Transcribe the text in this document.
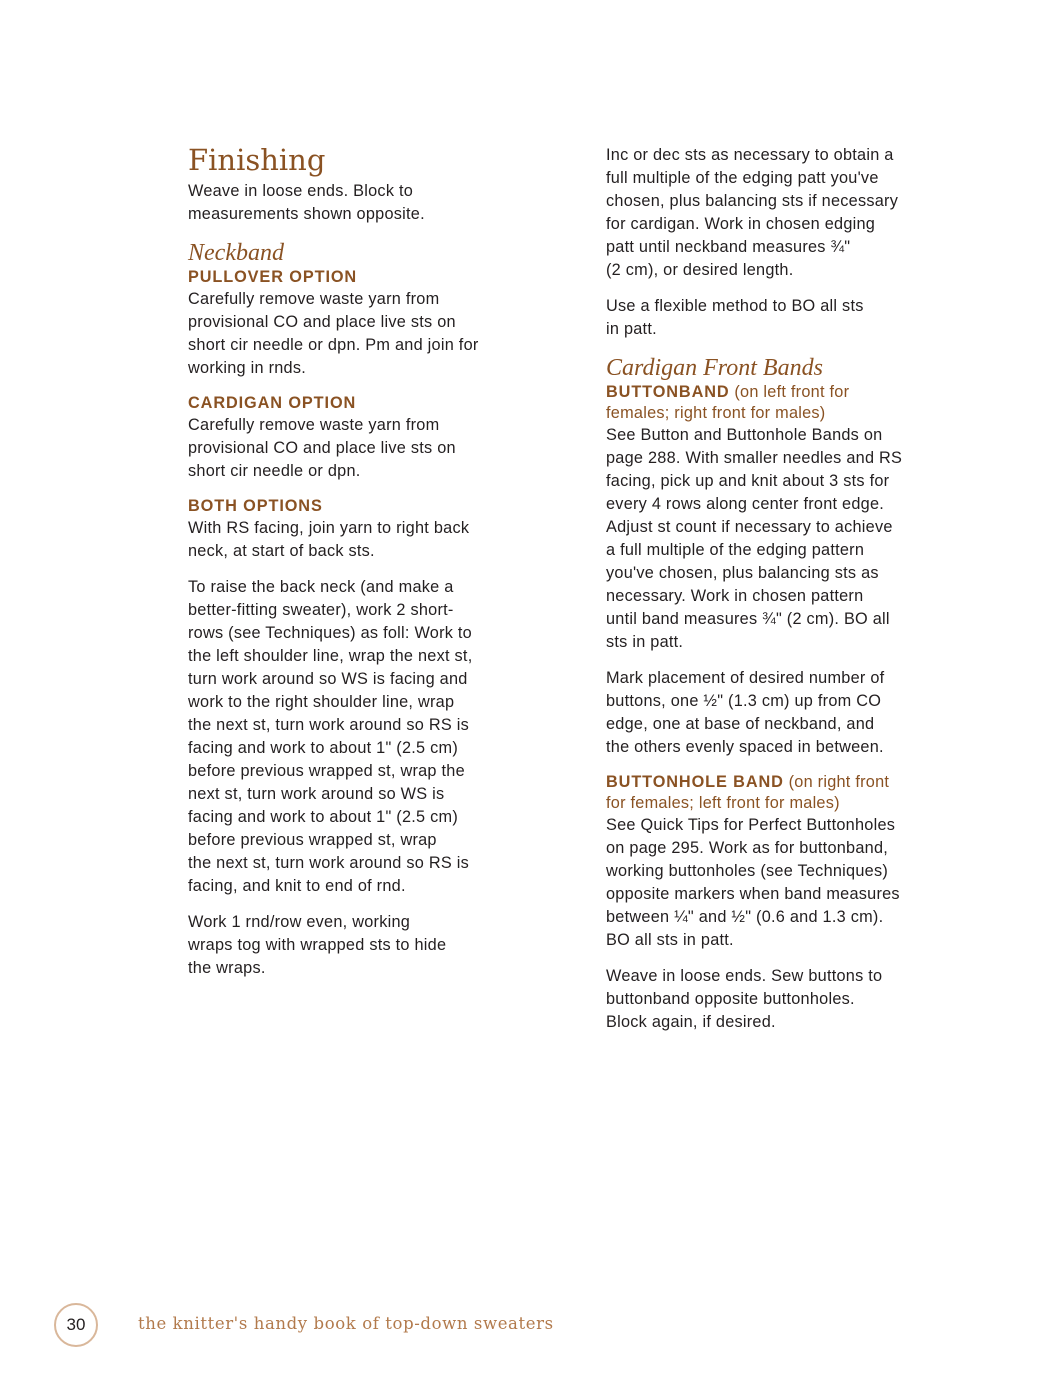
Finishing

Weave in loose ends. Block to
measurements shown opposite.

Neckband
PULLOVER OPTION

Carefully remove waste yarn from
provisional CO and place live sts on
short cir needle or dpn. Pm and join for
working in rnds.

CARDIGAN OPTION

Carefully remove waste yarn from
provisional CO and place live sts on
short cir needle or dpn.

BOTH OPTIONS

With RS facing, join yarn to right back
neck, at start of back sts.

To raise the back neck (and make a
better-fitting sweater), work 2 short-
rows (see Techniques) as foll: Work to
the left shoulder line, wrap the next st,
turn work around so WS is facing and
work to the right shoulder line, wrap
the next st, turn work around so RS is
facing and work to about 1" (2.5 cm)
before previous wrapped st, wrap the
next st, turn work around so WS is
facing and work to about 1" (2.5 cm)
before previous wrapped st, wrap
the next st, turn work around so RS is
facing, and knit to end of rnd.

Work 1 rnd/row even, working
wraps tog with wrapped sts to hide
the wraps.

Inc or dec sts as necessary to obtain a
full multiple of the edging patt you've
chosen, plus balancing sts if necessary
for cardigan. Work in chosen edging
patt until neckband measures ¾"
(2 cm), or desired length.

Use a flexible method to BO all sts
in patt.

Cardigan Front Bands
BUTTONBAND (on left front for
females; right front for males)

See Button and Buttonhole Bands on
page 288. With smaller needles and RS
facing, pick up and knit about 3 sts for
every 4 rows along center front edge.
Adjust st count if necessary to achieve
a full multiple of the edging pattern
you've chosen, plus balancing sts as
necessary. Work in chosen pattern
until band measures ¾" (2 cm). BO all
sts in patt.

Mark placement of desired number of
buttons, one ½" (1.3 cm) up from CO
edge, one at base of neckband, and
the others evenly spaced in between.

BUTTONHOLE BAND (on right front
for females; left front for males)

See Quick Tips for Perfect Buttonholes
on page 295. Work as for buttonband,
working buttonholes (see Techniques)
opposite markers when band measures
between ¼" and ½" (0.6 and 1.3 cm).
BO all sts in patt.

Weave in loose ends. Sew buttons to
buttonband opposite buttonholes.
Block again, if desired.

30	the knitter's handy book of top-down sweaters
